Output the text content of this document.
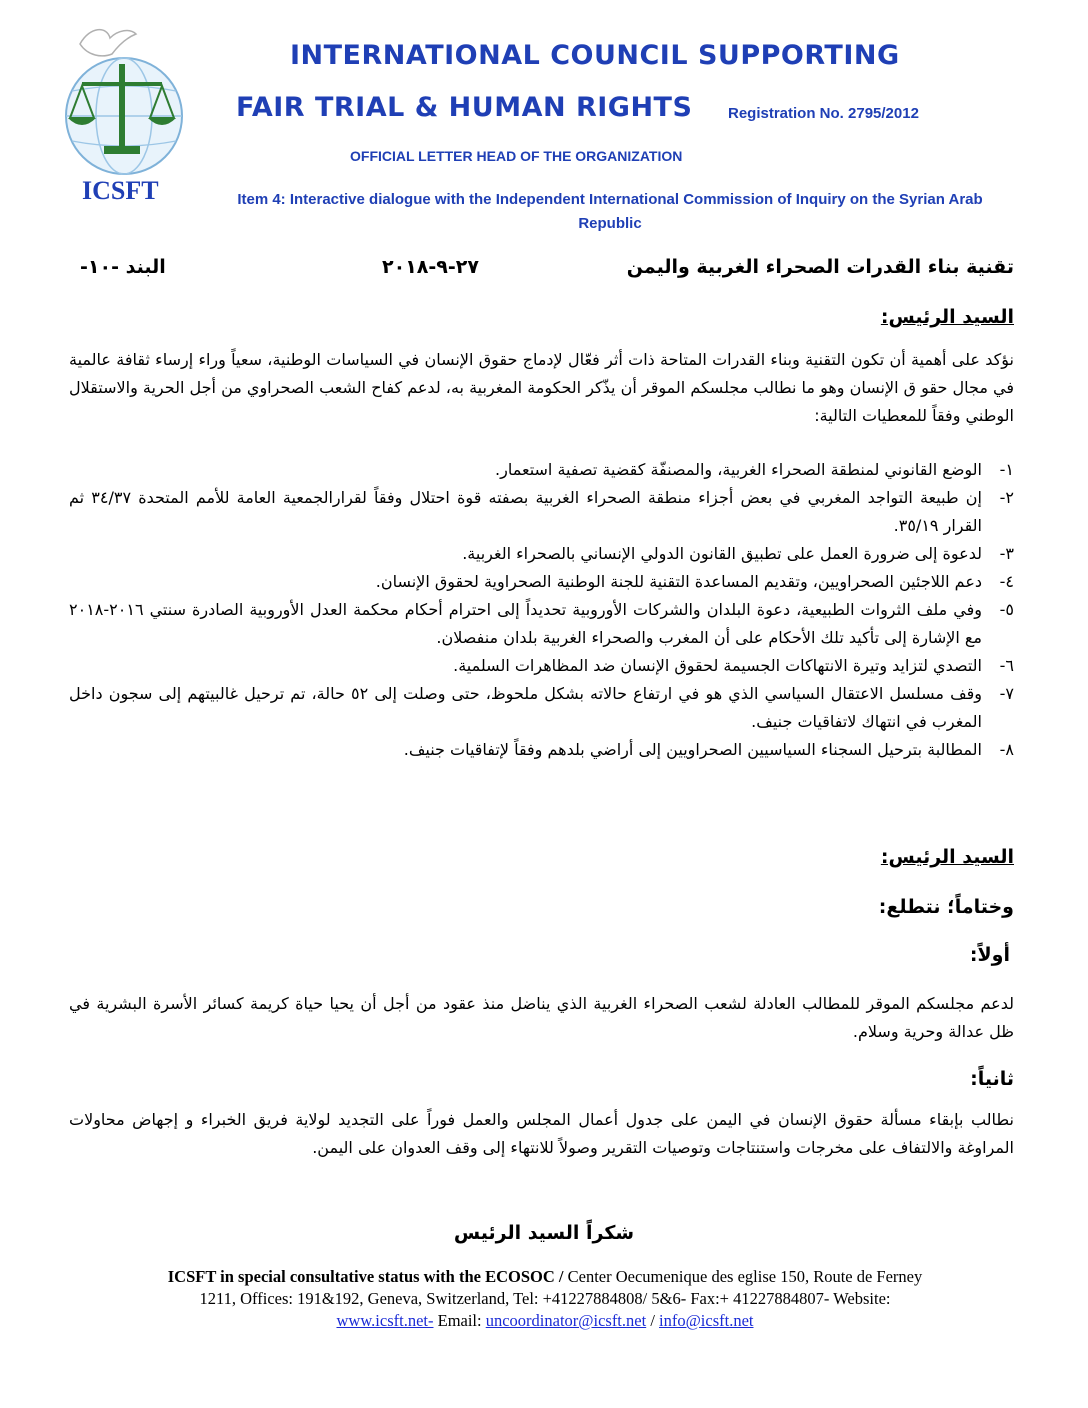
ICSFT
INTERNATIONAL COUNCIL SUPPORTING
FAIR TRIAL & HUMAN RIGHTS Registration No. 2795/2012
OFFICIAL LETTER HEAD OF THE ORGANIZATION
Item 4: Interactive dialogue with the Independent International Commission of Inquiry on the Syrian Arab Republic
تقنية بناء القدرات الصحراء الغربية واليمن
٢٧-٩-٢٠١٨
البند -١٠-
السيد الرئيس:
نؤكد على أهمية أن تكون التقنية وبناء القدرات المتاحة ذات أثر فعّال لإدماج حقوق الإنسان في السياسات الوطنية، سعياً وراء إرساء ثقافة عالمية في مجال حقو ق الإنسان وهو ما نطالب مجلسكم الموقر أن يذّكر الحكومة المغربية به، لدعم كفاح الشعب الصحراوي من أجل الحرية والاستقلال الوطني وفقاً للمعطيات التالية:
١-
الوضع القانوني لمنطقة الصحراء الغربية، والمصنفّة كقضية تصفية استعمار.
٢-
إن طبيعة التواجد المغربي في بعض أجزاء منطقة الصحراء الغربية بصفته قوة احتلال وفقاً لقرارالجمعية العامة للأمم المتحدة ٣٤/٣٧ ثم القرار ٣٥/١٩.
٣-
لدعوة إلى ضرورة العمل على تطبيق القانون الدولي الإنساني بالصحراء الغربية.
٤-
دعم اللاجئين الصحراويين، وتقديم المساعدة التقنية للجنة الوطنية الصحراوية لحقوق الإنسان.
٥-
وفي ملف الثروات الطبيعية، دعوة البلدان والشركات الأوروبية تحديداً إلى احترام أحكام محكمة العدل الأوروبية الصادرة سنتي ٢٠١٦-٢٠١٨ مع الإشارة إلى تأكيد تلك الأحكام على أن المغرب والصحراء الغربية بلدان منفصلان.
٦-
التصدي لتزايد وتيرة الانتهاكات الجسيمة لحقوق الإنسان ضد المظاهرات السلمية.
٧-
وقف مسلسل الاعتقال السياسي الذي هو في ارتفاع حالاته بشكل ملحوظ، حتى وصلت إلى ٥٢ حالة، تم ترحيل غالبيتهم إلى سجون داخل المغرب في انتهاك لاتفاقيات جنيف.
٨-
المطالبة بترحيل السجناء السياسيين الصحراويين إلى أراضي بلدهم وفقاً لإتفاقيات جنيف.
السيد الرئيس:
وختاماً؛ نتطلع:
أولاً:
لدعم مجلسكم الموقر للمطالب العادلة لشعب الصحراء الغربية الذي يناضل منذ عقود من أجل أن يحيا حياة كريمة كسائر الأسرة البشرية في ظل عدالة وحرية وسلام.
ثانياً:
نطالب بإبقاء مسألة حقوق الإنسان في اليمن على جدول أعمال المجلس والعمل فوراً على التجديد لولاية فريق الخبراء و إجهاض محاولات المراوغة والالتفاف على مخرجات واستنتاجات وتوصيات التقرير وصولاً للانتهاء إلى وقف العدوان على اليمن.
شكراً السيد الرئيس
ICSFT in special consultative status with the ECOSOC / Center Oecumenique des eglise 150, Route de Ferney
1211, Offices: 191&192, Geneva, Switzerland, Tel: +41227884808/ 5&6- Fax:+ 41227884807- Website:
www.icsft.net- Email: uncoordinator@icsft.net / info@icsft.net
